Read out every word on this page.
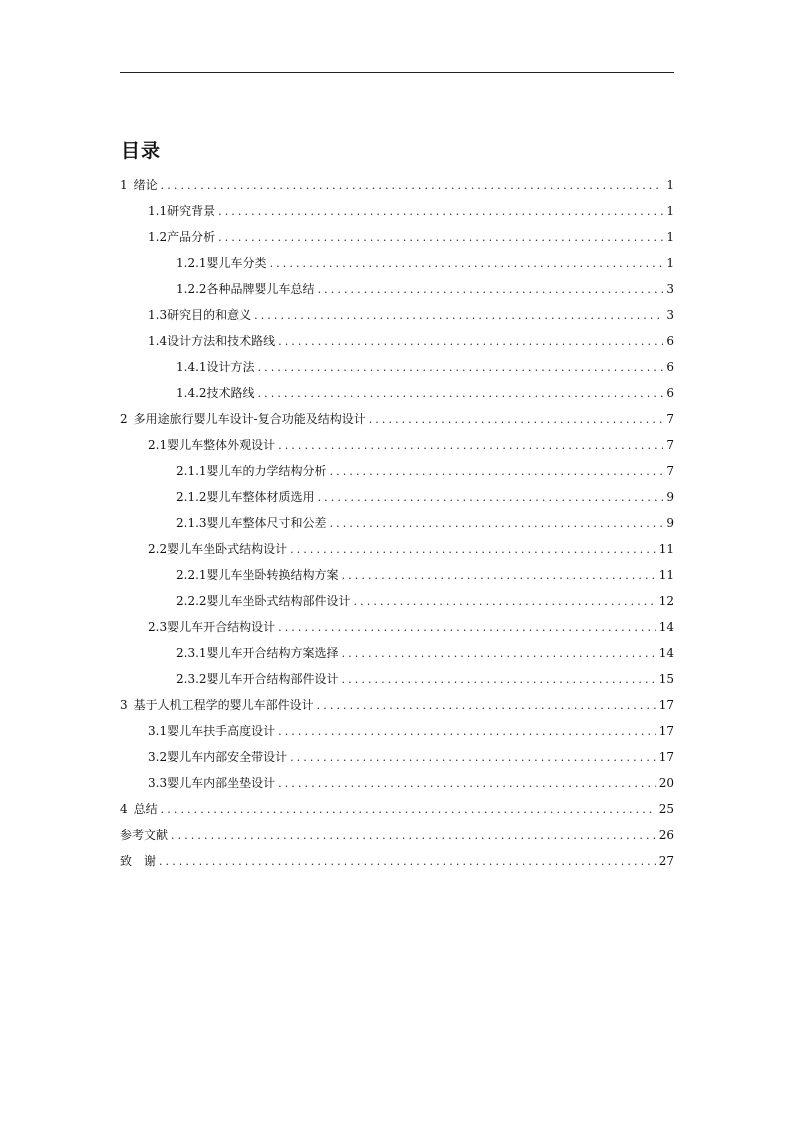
目录
1 绪论 .....	1
1.1 研究背景 .....	1
1.2 产品分析 .....	1
1.2.1 婴儿车分类 .....	1
1.2.2 各种品牌婴儿车总结 .....	3
1.3 研究目的和意义 .....	3
1.4 设计方法和技术路线 .....	6
1.4.1 设计方法 .....	6
1.4.2 技术路线 .....	6
2 多用途旅行婴儿车设计-复合功能及结构设计 .....	7
2.1 婴儿车整体外观设计 .....	7
2.1.1 婴儿车的力学结构分析 .....	7
2.1.2 婴儿车整体材质选用 .....	9
2.1.3 婴儿车整体尺寸和公差 .....	9
2.2 婴儿车坐卧式结构设计 .....	11
2.2.1 婴儿车坐卧转换结构方案 .....	11
2.2.2 婴儿车坐卧式结构部件设计 .....	12
2.3 婴儿车开合结构设计 .....	14
2.3.1 婴儿车开合结构方案选择 .....	14
2.3.2 婴儿车开合结构部件设计 .....	15
3 基于人机工程学的婴儿车部件设计 .....	17
3.1 婴儿车扶手高度设计 .....	17
3.2 婴儿车内部安全带设计 .....	17
3.3 婴儿车内部坐垫设计 .....	20
4 总结 .....	25
参考文献 .....	26
致　谢 .....	27
